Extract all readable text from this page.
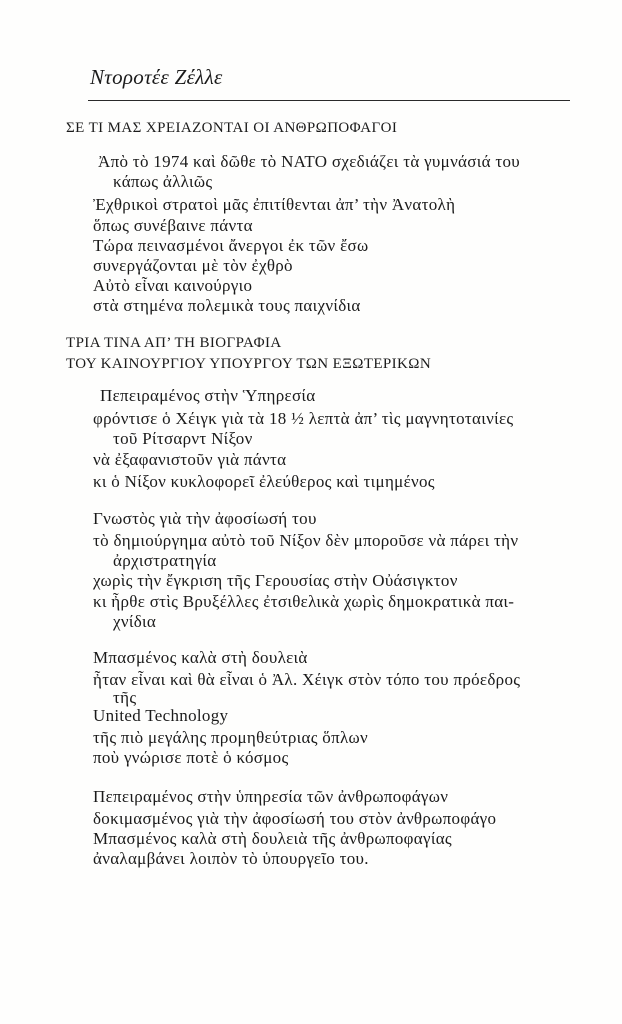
Ντοροτέε Ζέλλε
ΣΕ ΤΙ ΜΑΣ ΧΡΕΙΑΖΟΝΤΑΙ ΟΙ ΑΝΘΡΩΠΟΦΑΓΟΙ
Ἀπὸ τὸ 1974 καὶ δῶθε τὸ ΝΑΤΟ σχεδιάζει τὰ γυμνάσιά του
κάπως ἀλλιῶς
Ἐχθρικοὶ στρατοὶ μᾶς ἐπιτίθενται ἀπ’ τὴν Ἀνατολὴ
ὅπως συνέβαινε πάντα
Τώρα πεινασμένοι ἄνεργοι ἐκ τῶν ἔσω
συνεργάζονται μὲ τὸν ἐχθρὸ
Αὐτὸ εἶναι καινούργιο
στὰ στημένα πολεμικὰ τους παιχνίδια
ΤΡΙΑ ΤΙΝΑ ΑΠ’ ΤΗ ΒΙΟΓΡΑΦΙΑ
ΤΟΥ ΚΑΙΝΟΥΡΓΙΟΥ ΥΠΟΥΡΓΟΥ ΤΩΝ ΕΞΩΤΕΡΙΚΩΝ
Πεπειραμένος στὴν Ὑπηρεσία
φρόντισε ὁ Χέιγκ γιὰ τὰ 18 ½ λεπτὰ ἀπ’ τὶς μαγνητοταινίες
τοῦ Ρίτσαρντ Νίξον
νὰ ἐξαφανιστοῦν γιὰ πάντα
κι ὁ Νίξον κυκλοφορεῖ ἐλεύθερος καὶ τιμημένος
Γνωστὸς γιὰ τὴν ἀφοσίωσή του
τὸ δημιούργημα αὐτὸ τοῦ Νίξον δὲν μποροῦσε νὰ πάρει τὴν
ἀρχιστρατηγία
χωρὶς τὴν ἔγκριση τῆς Γερουσίας στὴν Οὐάσιγκτον
κι ἦρθε στὶς Βρυξέλλες ἐτσιθελικὰ χωρὶς δημοκρατικὰ παι-
χνίδια
Μπασμένος καλὰ στὴ δουλειὰ
ἦταν εἶναι καὶ θὰ εἶναι ὁ Ἀλ. Χέιγκ στὸν τόπο του πρόεδρος
τῆς
United Technology
τῆς πιὸ μεγάλης προμηθεύτριας ὅπλων
ποὺ γνώρισε ποτὲ ὁ κόσμος
Πεπειραμένος στὴν ὑπηρεσία τῶν ἀνθρωποφάγων
δοκιμασμένος γιὰ τὴν ἀφοσίωσή του στὸν ἀνθρωποφάγο
Μπασμένος καλὰ στὴ δουλειὰ τῆς ἀνθρωποφαγίας
ἀναλαμβάνει λοιπὸν τὸ ὑπουργεῖο του.
